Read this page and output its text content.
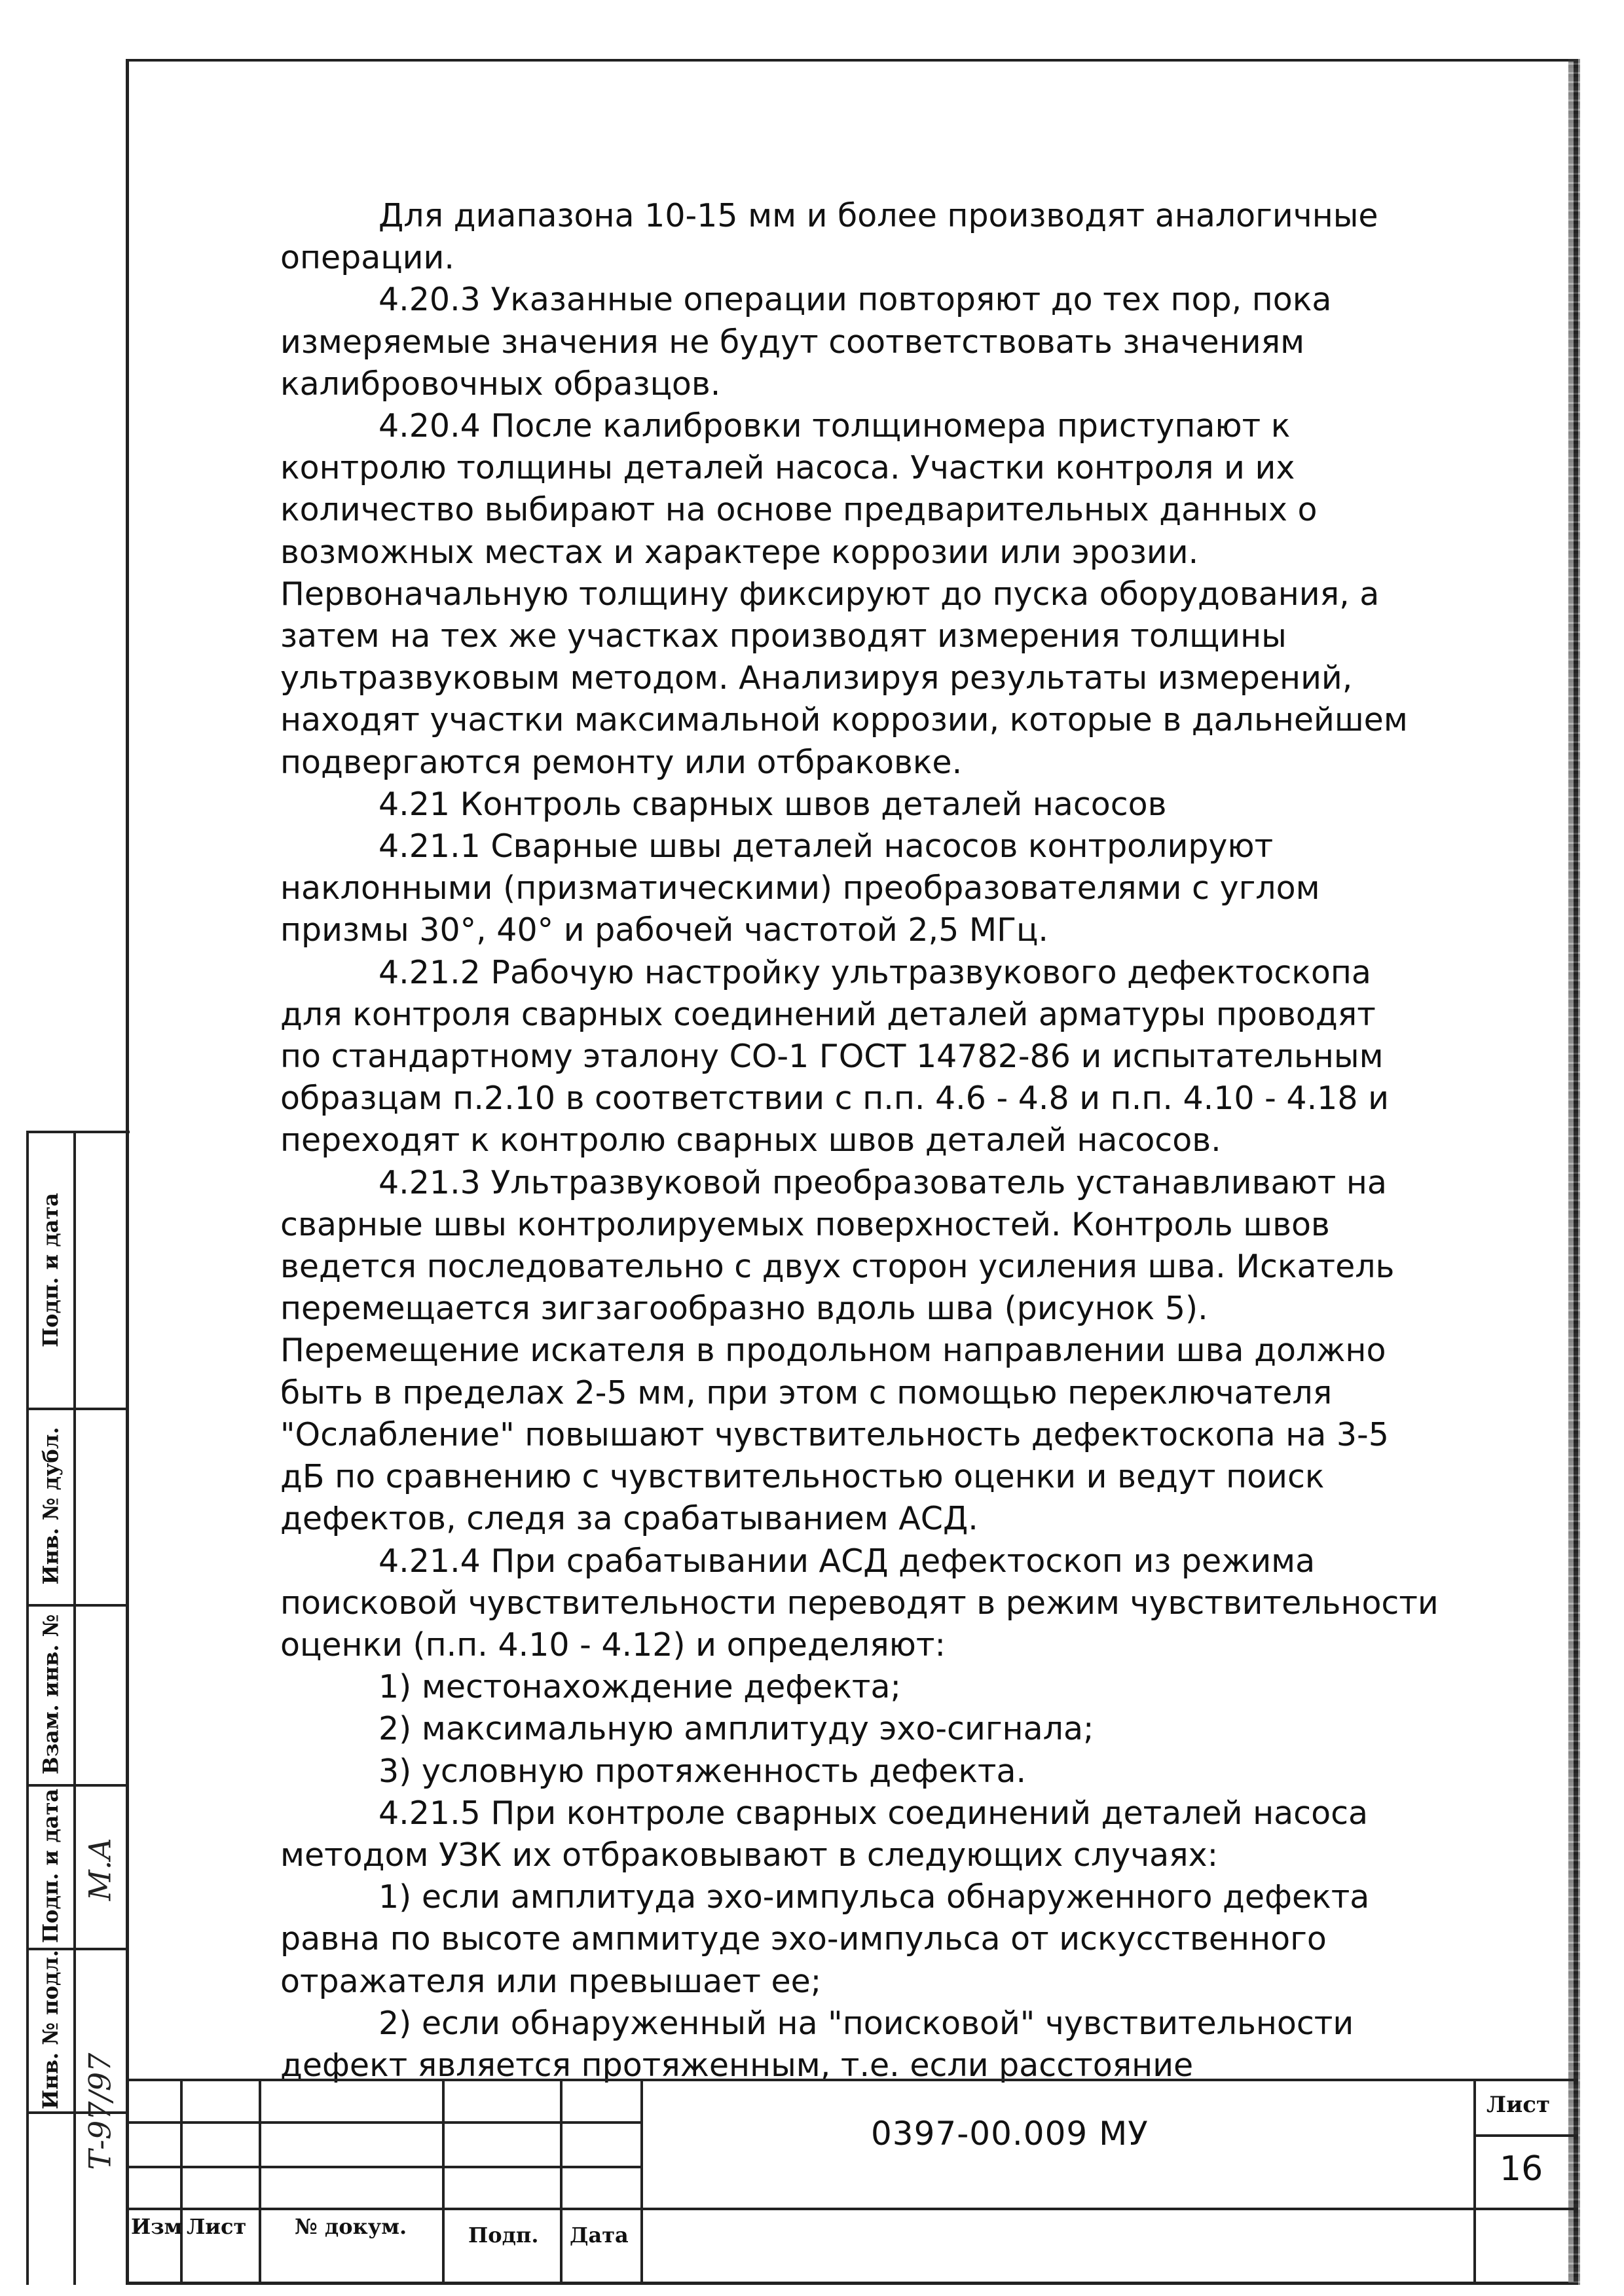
Для диапазона 10-15 мм и более производят аналогичные

операции.

4.20.3 Указанные операции повторяют до тех пор, пока

измеряемые значения не будут соответствовать значениям

калибровочных образцов.

4.20.4 После калибровки толщиномера приступают к

контролю толщины деталей насоса. Участки контроля и их

количество выбирают на основе предварительных данных о

возможных местах и характере коррозии или эрозии.

Первоначальную толщину фиксируют до пуска оборудования, а

затем на тех же участках производят измерения толщины

ультразвуковым методом. Анализируя результаты измерений,

находят участки максимальной коррозии, которые в дальнейшем

подвергаются ремонту или отбраковке.

4.21 Контроль сварных швов деталей насосов

4.21.1 Сварные швы деталей насосов контролируют

наклонными (призматическими) преобразователями с углом

призмы 30°, 40° и рабочей частотой 2,5 МГц.

4.21.2 Рабочую настройку ультразвукового дефектоскопа

для контроля сварных соединений деталей арматуры проводят

по стандартному эталону СО-1 ГОСТ 14782-86 и испытательным

образцам п.2.10 в соответствии с п.п. 4.6 - 4.8 и п.п. 4.10 - 4.18 и

переходят к контролю сварных швов деталей насосов.

4.21.3 Ультразвуковой преобразователь устанавливают на

сварные швы контролируемых поверхностей. Контроль швов

ведется последовательно с двух сторон усиления шва. Искатель

перемещается зигзагообразно вдоль шва (рисунок 5).

Перемещение искателя в продольном направлении шва должно

быть в пределах 2-5 мм, при этом с помощью переключателя

"Ослабление" повышают чувствительность дефектоскопа на 3-5

дБ по сравнению с чувствительностью оценки и ведут поиск

дефектов, следя за срабатыванием АСД.

4.21.4 При срабатывании АСД дефектоскоп из режима

поисковой чувствительности переводят в режим чувствительности

оценки (п.п. 4.10 - 4.12) и определяют:

1) местонахождение дефекта;

2) максимальную амплитуду эхо-сигнала;

3) условную протяженность дефекта.

4.21.5 При контроле сварных соединений деталей насоса

методом УЗК их отбраковывают в следующих случаях:

1) если амплитуда эхо-импульса обнаруженного дефекта

равна по высоте ампмитуде эхо-импульса от искусственного

отражателя или превышает ее;

2) если обнаруженный на "поисковой" чувствительности

дефект является протяженным, т.е. если расстояние

Подп. и дата
Инв. № дубл.
Взам. инв. №
Подп. и дата
Инв. № подл.
Т-97/97
М.А
Изм Лист № докум.	Подп. Дата
0397-00.009 МУ
Лист
16
